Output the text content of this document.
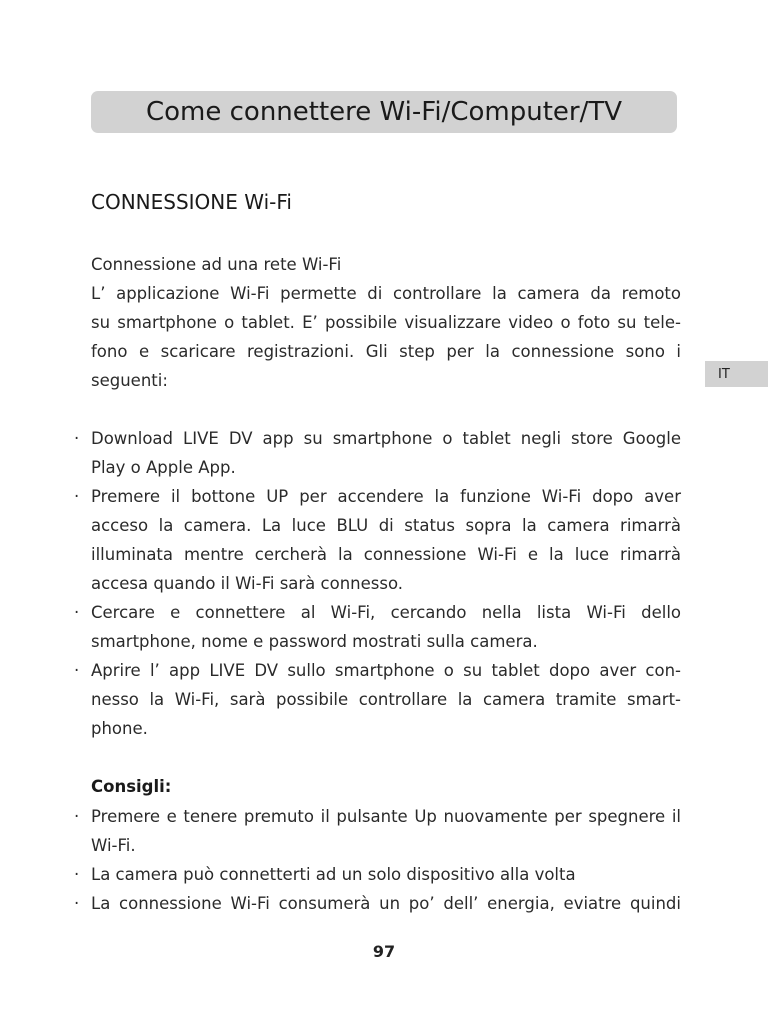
Come connettere Wi-Fi/Computer/TV
CONNESSIONE Wi-Fi
IT
Connessione ad una rete Wi-Fi
L’ applicazione Wi-Fi permette di controllare la camera da remoto
su smartphone o tablet. E’ possibile visualizzare video o foto su tele-
fono e scaricare registrazioni. Gli step per la connessione sono i
seguenti:
· Download LIVE DV app su smartphone o tablet negli store Google
Play o Apple App.
· Premere il bottone UP per accendere la funzione Wi-Fi dopo aver
acceso la camera. La luce BLU di status sopra la camera rimarrà
illuminata mentre cercherà la connessione Wi-Fi e la luce rimarrà
accesa quando il Wi-Fi sarà connesso.
· Cercare e connettere al Wi-Fi, cercando nella lista Wi-Fi dello
smartphone, nome e password mostrati sulla camera.
· Aprire l’ app LIVE DV sullo smartphone o su tablet dopo aver con-
nesso la Wi-Fi, sarà possibile controllare la camera tramite smart-
phone.
Consigli:
· Premere e tenere premuto il pulsante Up nuovamente per spegnere il
Wi-Fi.
· La camera può connetterti ad un solo dispositivo alla volta
· La connessione Wi-Fi consumerà un po’ dell’ energia, eviatre quindi
97
